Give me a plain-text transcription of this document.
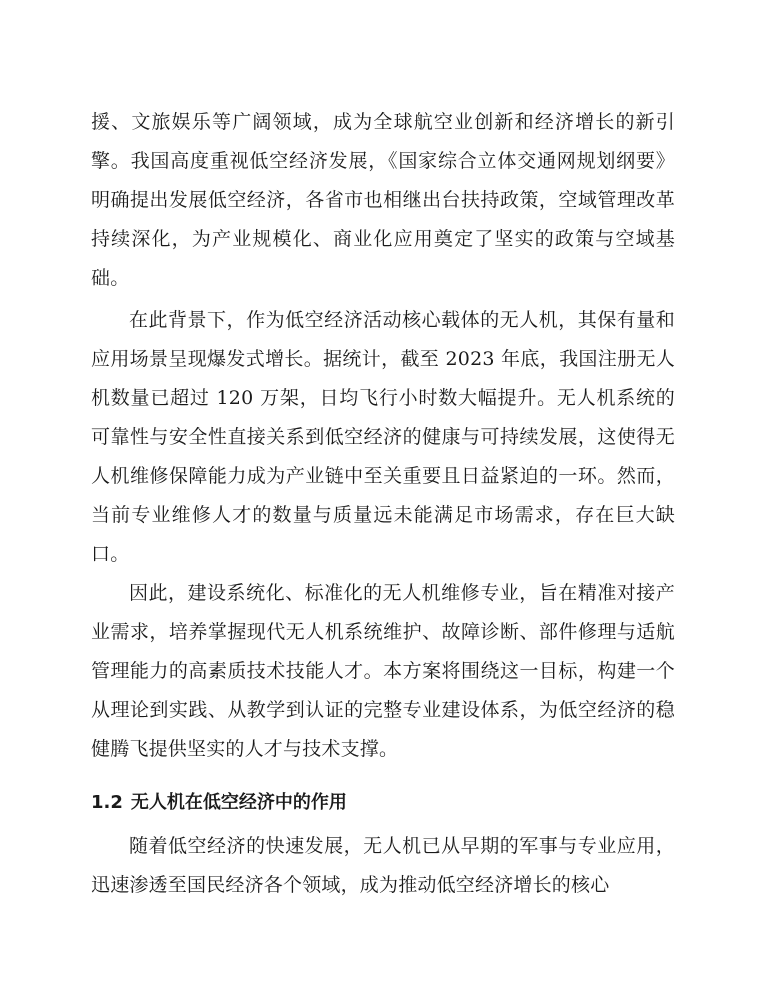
援、文旅娱乐等广阔领域，成为全球航空业创新和经济增长的新引擎。我国高度重视低空经济发展，《国家综合立体交通网规划纲要》明确提出发展低空经济，各省市也相继出台扶持政策，空域管理改革持续深化，为产业规模化、商业化应用奠定了坚实的政策与空域基础。

在此背景下，作为低空经济活动核心载体的无人机，其保有量和应用场景呈现爆发式增长。据统计，截至 2023 年底，我国注册无人机数量已超过 120 万架，日均飞行小时数大幅提升。无人机系统的可靠性与安全性直接关系到低空经济的健康与可持续发展，这使得无人机维修保障能力成为产业链中至关重要且日益紧迫的一环。然而，当前专业维修人才的数量与质量远未能满足市场需求，存在巨大缺口。

因此，建设系统化、标准化的无人机维修专业，旨在精准对接产业需求，培养掌握现代无人机系统维护、故障诊断、部件修理与适航管理能力的高素质技术技能人才。本方案将围绕这一目标，构建一个从理论到实践、从教学到认证的完整专业建设体系，为低空经济的稳健腾飞提供坚实的人才与技术支撑。

1.2 无人机在低空经济中的作用

随着低空经济的快速发展，无人机已从早期的军事与专业应用，迅速渗透至国民经济各个领域，成为推动低空经济增长的核心
